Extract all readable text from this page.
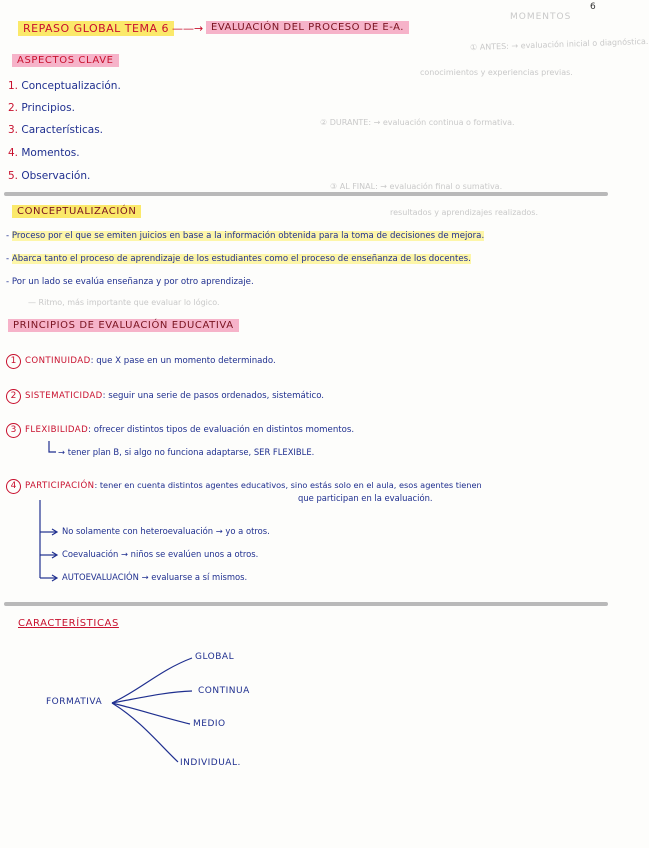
MOMENTOS
① ANTES: → evaluación inicial o diagnóstica.
conocimientos y experiencias previas.
② DURANTE: → evaluación continua o formativa.
③ AL FINAL: → evaluación final o sumativa.
resultados y aprendizajes realizados.
6
REPASO GLOBAL TEMA 6 ——→ EVALUACIÓN DEL PROCESO DE E-A.
ASPECTOS CLAVE
1. Conceptualización.
2. Principios.
3. Características.
4. Momentos.
5. Observación.
CONCEPTUALIZACIÓN
- Proceso por el que se emiten juicios en base a la información obtenida para la toma de decisiones de mejora.
- Abarca tanto el proceso de aprendizaje de los estudiantes como el proceso de enseñanza de los docentes.
- Por un lado se evalúa enseñanza y por otro aprendizaje.
— Ritmo, más importante que evaluar lo lógico.
PRINCIPIOS DE EVALUACIÓN EDUCATIVA
1 CONTINUIDAD: que X pase en un momento determinado.
2 SISTEMATICIDAD: seguir una serie de pasos ordenados, sistemático.
3 FLEXIBILIDAD: ofrecer distintos tipos de evaluación en distintos momentos.
→ tener plan B, si algo no funciona adaptarse, SER FLEXIBLE.
4 PARTICIPACIÓN: tener en cuenta distintos agentes educativos, sino estás solo en el aula, esos agentes tienen
que participan en la evaluación.
No solamente con heteroevaluación → yo a otros.
Coevaluación → niños se evalúen unos a otros.
AUTOEVALUACIÓN → evaluarse a sí mismos.
CARACTERÍSTICAS
FORMATIVA
GLOBAL
CONTINUA
MEDIO
INDIVIDUAL.
